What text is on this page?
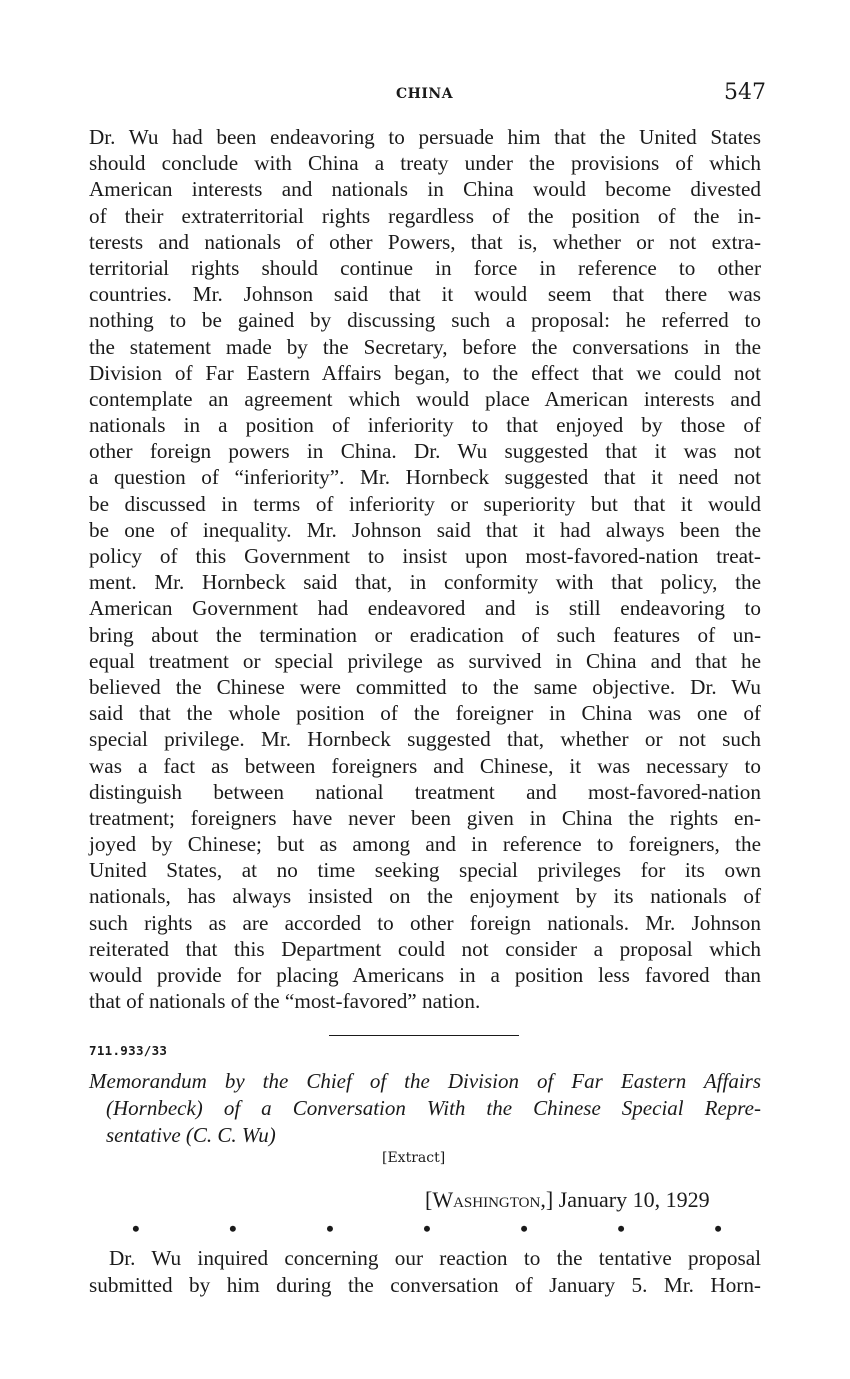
CHINA	547
Dr. Wu had been endeavoring to persuade him that the United States
should conclude with China a treaty under the provisions of which
American interests and nationals in China would become divested
of their extraterritorial rights regardless of the position of the in-
terests and nationals of other Powers, that is, whether or not extra-
territorial rights should continue in force in reference to other
countries. Mr. Johnson said that it would seem that there was
nothing to be gained by discussing such a proposal: he referred to
the statement made by the Secretary, before the conversations in the
Division of Far Eastern Affairs began, to the effect that we could not
contemplate an agreement which would place American interests and
nationals in a position of inferiority to that enjoyed by those of
other foreign powers in China. Dr. Wu suggested that it was not
a question of “inferiority”. Mr. Hornbeck suggested that it need not
be discussed in terms of inferiority or superiority but that it would
be one of inequality. Mr. Johnson said that it had always been the
policy of this Government to insist upon most-favored-nation treat-
ment. Mr. Hornbeck said that, in conformity with that policy, the
American Government had endeavored and is still endeavoring to
bring about the termination or eradication of such features of un-
equal treatment or special privilege as survived in China and that he
believed the Chinese were committed to the same objective. Dr. Wu
said that the whole position of the foreigner in China was one of
special privilege. Mr. Hornbeck suggested that, whether or not such
was a fact as between foreigners and Chinese, it was necessary to
distinguish between national treatment and most-favored-nation
treatment; foreigners have never been given in China the rights en-
joyed by Chinese; but as among and in reference to foreigners, the
United States, at no time seeking special privileges for its own
nationals, has always insisted on the enjoyment by its nationals of
such rights as are accorded to other foreign nationals. Mr. Johnson
reiterated that this Department could not consider a proposal which
would provide for placing Americans in a position less favored than
that of nationals of the “most-favored” nation.
711.933/33
Memorandum by the Chief of the Division of Far Eastern Affairs
(Hornbeck) of a Conversation With the Chinese Special Repre-
sentative (C. C. Wu)
[Extract]
[Washington,] January 10, 1929
•	•	•	•	•	•	•
Dr. Wu inquired concerning our reaction to the tentative proposal
submitted by him during the conversation of January 5. Mr. Horn-
